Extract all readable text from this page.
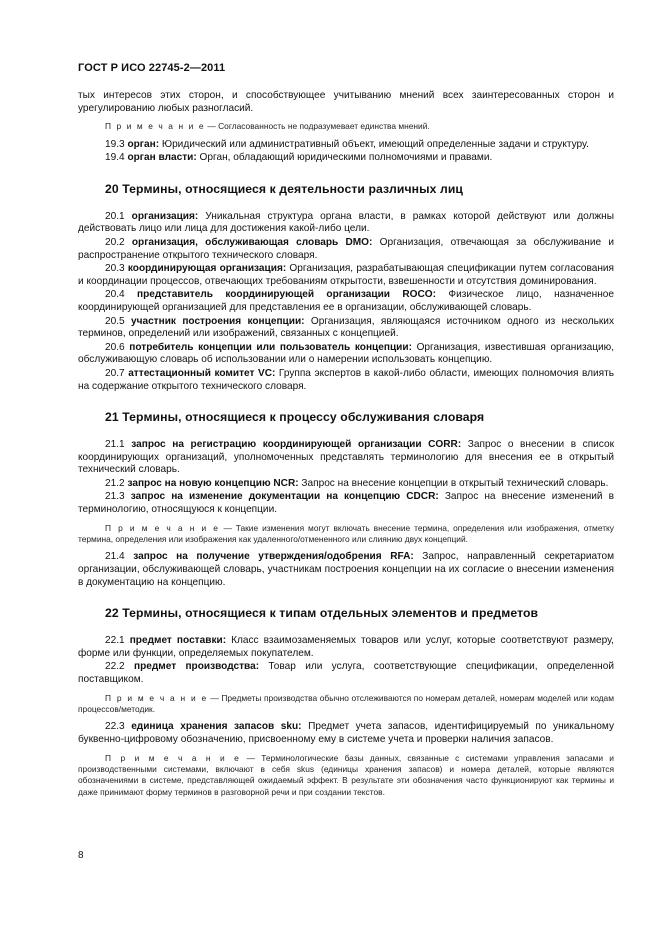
ГОСТ Р ИСО 22745-2—2011
тых интересов этих сторон, и способствующее учитыванию мнений всех заинтересованных сторон и урегулированию любых разногласий.
П р и м е ч а н и е — Согласованность не подразумевает единства мнений.
19.3 орган: Юридический или административный объект, имеющий определенные задачи и структуру.
19.4 орган власти: Орган, обладающий юридическими полномочиями и правами.
20 Термины, относящиеся к деятельности различных лиц
20.1 организация: Уникальная структура органа власти, в рамках которой действуют или должны действовать лицо или лица для достижения какой-либо цели.
20.2 организация, обслуживающая словарь DMO: Организация, отвечающая за обслуживание и распространение открытого технического словаря.
20.3 координирующая организация: Организация, разрабатывающая спецификации путем согласования и координации процессов, отвечающих требованиям открытости, взвешенности и отсутствия доминирования.
20.4 представитель координирующей организации ROCO: Физическое лицо, назначенное координирующей организацией для представления ее в организации, обслуживающей словарь.
20.5 участник построения концепции: Организация, являющаяся источником одного из нескольких терминов, определений или изображений, связанных с концепцией.
20.6 потребитель концепции или пользователь концепции: Организация, известившая организацию, обслуживающую словарь об использовании или о намерении использовать концепцию.
20.7 аттестационный комитет VC: Группа экспертов в какой-либо области, имеющих полномочия влиять на содержание открытого технического словаря.
21 Термины, относящиеся к процессу обслуживания словаря
21.1 запрос на регистрацию координирующей организации CORR: Запрос о внесении в список координирующих организаций, уполномоченных представлять терминологию для внесения ее в открытый технический словарь.
21.2 запрос на новую концепцию NCR: Запрос на внесение концепции в открытый технический словарь.
21.3 запрос на изменение документации на концепцию CDCR: Запрос на внесение изменений в терминологию, относящуюся к концепции.
П р и м е ч а н и е — Такие изменения могут включать внесение термина, определения или изображения, отметку термина, определения или изображения как удаленного/отмененного или слиянию двух концепций.
21.4 запрос на получение утверждения/одобрения RFA: Запрос, направленный секретариатом организации, обслуживающей словарь, участникам построения концепции на их согласие о внесении изменения в документацию на концепцию.
22 Термины, относящиеся к типам отдельных элементов и предметов
22.1 предмет поставки: Класс взаимозаменяемых товаров или услуг, которые соответствуют размеру, форме или функции, определяемых покупателем.
22.2 предмет производства: Товар или услуга, соответствующие спецификации, определенной поставщиком.
П р и м е ч а н и е — Предметы производства обычно отслеживаются по номерам деталей, номерам моделей или кодам процессов/методик.
22.3 единица хранения запасов sku: Предмет учета запасов, идентифицируемый по уникальному буквенно-цифровому обозначению, присвоенному ему в системе учета и проверки наличия запасов.
П р и м е ч а н и е — Терминологические базы данных, связанные с системами управления запасами и производственными системами, включают в себя skus (единицы хранения запасов) и номера деталей, которые являются обозначениями в системе, представляющей ожидаемый эффект. В результате эти обозначения часто функционируют как термины и даже принимают форму терминов в разговорной речи и при создании текстов.
8
